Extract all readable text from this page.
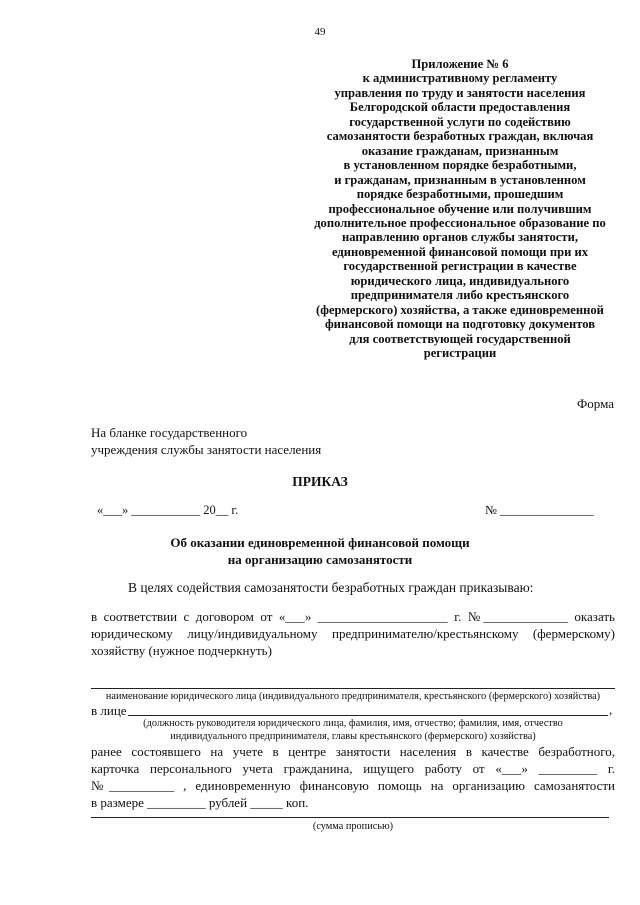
49
Приложение № 6
к административному регламенту
управления по труду и занятости населения
Белгородской области предоставления
государственной услуги по содействию
самозанятости безработных граждан, включая
оказание гражданам, признанным
в установленном порядке безработными,
и гражданам, признанным в установленном
порядке безработными, прошедшим
профессиональное обучение или получившим
дополнительное профессиональное образование по
направлению органов службы занятости,
единовременной финансовой помощи при их
государственной регистрации в качестве
юридического лица, индивидуального
предпринимателя либо крестьянского
(фермерского) хозяйства, а также единовременной
финансовой помощи на подготовку документов
для соответствующей государственной
регистрации
Форма
На бланке государственного
учреждения службы занятости населения
ПРИКАЗ
«___» ___________ 20__ г.	№ _______________
Об оказании единовременной финансовой помощи
на организацию самозанятости
В целях содействия самозанятости безработных граждан приказываю:
в соответствии с договором от «___» ____________________ г. №_____________ оказать
юридическому лицу/индивидуальному предпринимателю/крестьянскому (фермерскому)
хозяйству (нужное подчеркнуть)
наименование юридического лица (индивидуального предпринимателя, крестьянского (фермерского) хозяйства)
в лице	,
(должность руководителя юридического лица, фамилия, имя, отчество; фамилия, имя, отчество
индивидуального предпринимателя, главы крестьянского (фермерского) хозяйства)
ранее состоявшего на учете в центре занятости населения в качестве безработного,
карточка персонального учета гражданина, ищущего работу от «___» _________ г.
№__________ , единовременную финансовую помощь на организацию самозанятости
в размере _________ рублей _____ коп.
(сумма прописью)
